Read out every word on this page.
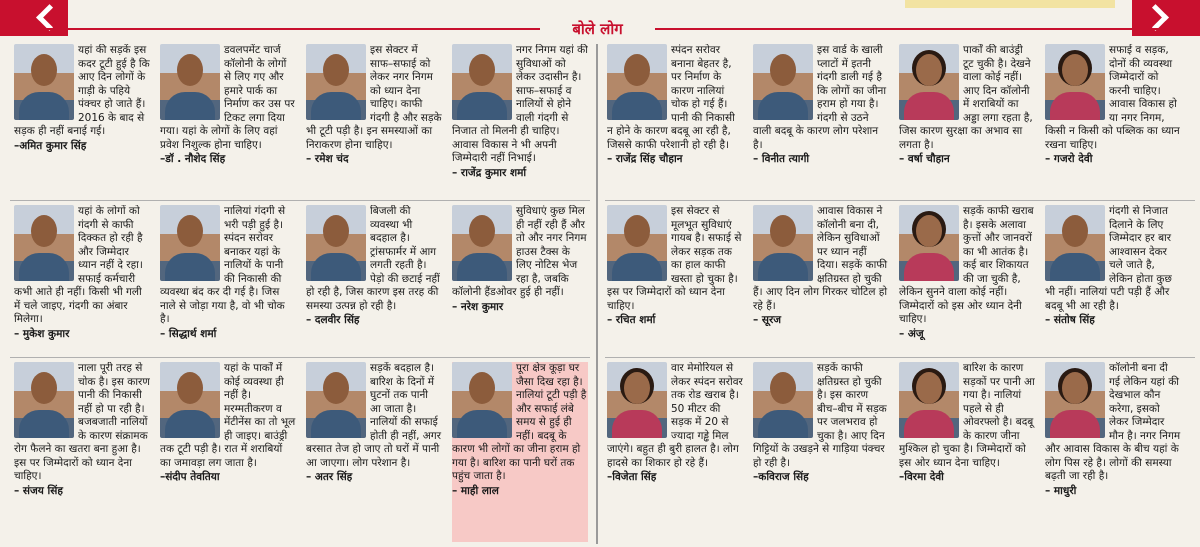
बोले लोग
यहां की सड़कें इस कदर टूटी हुई है कि आए दिन लोगों के गाड़ी के पहिये पंक्चर हो जाते हैं। 2016 के बाद से सड़क ही नहीं बनाई गई।
–अमित कुमार सिंह
डवलपमेंट चार्ज कॉलोनी के लोगों से लिए गए और हमारे पार्क का निर्माण कर उस पर टिकट लगा दिया गया। यहां के लोगों के लिए वहां प्रवेश निशुल्क होना चाहिए।
–डॉ . नौशेद सिंह
इस सेक्टर में साफ–सफाई को लेकर नगर निगम को ध्यान देना चाहिए। काफी गंदगी है और सड़के भी टूटी पड़ी है। इन समस्याओं का निराकरण होना चाहिए।
– रमेश चंद
नगर निगम यहां की सुविधाओं को लेकर उदासीन है। साफ–सफाई व नालियों से होने वाली गंदगी से निजात तो मिलनी ही चाहिए। आवास विकास ने भी अपनी जिम्मेदारी नहीं निभाई।
– राजेंद्र कुमार शर्मा
स्पंदन सरोवर बनाना बेहतर है, पर निर्माण के कारण नालियां चोक हो गई हैं। पानी की निकासी न होने के कारण बदबू आ रही है, जिससे काफी परेशानी हो रही है।
– राजेंद्र सिंह चौहान
इस वार्ड के खाली प्लाटों में इतनी गंदगी डाली गई है कि लोगों का जीना हराम हो गया है। गंदगी से उठने वाली बदबू के कारण लोग परेशान है।
– विनीत त्यागी
पार्कों की बाउंड्री टूट चुकी है। देखने वाला कोई नहीं। आए दिन कॉलोनी में शराबियों का अड्डा लगा रहता है, जिस कारण सुरक्षा का अभाव सा लगता है।
– वर्षा चौहान
सफाई व सड़क, दोनों की व्यवस्था जिम्मेदारों को करनी चाहिए। आवास विकास हो या नगर निगम, किसी न किसी को पब्लिक का ध्यान रखना चाहिए।
– गजरो देवी
यहां के लोगों को गंदगी से काफी दिक्कत हो रही है और जिम्मेदार ध्यान नहीं दे रहा। सफाई कर्मचारी कभी आते ही नहीं। किसी भी गली में चले जाइए, गंदगी का अंबार मिलेगा।
– मुकेश कुमार
नालियां गंदगी से भरी पड़ी हुई है। स्पंदन सरोवर बनाकर यहां के नालियों के पानी की निकासी की व्यवस्था बंद कर दी गई है। जिस नाले से जोड़ा गया है, वो भी चोक है।
– सिद्धार्थ शर्मा
बिजली की व्यवस्था भी बदहाल है। ट्रांसफार्मर में आग लगती रहती है। पेड़ो की छटाई नहीं हो रही है, जिस कारण इस तरह की समस्या उत्पन्न हो रही है।
– दलवीर सिंह
सुविधाएं कुछ मिल ही नहीं रही हैं और तो और नगर निगम हाउस टैक्स के लिए नोटिस भेज रहा है, जबकि कॉलोनी हैंडओवर हुई ही नहीं।
– नरेश कुमार
इस सेक्टर से मूलभूत सुविधाएं गायब है। सफाई से लेकर सड़क तक का हाल काफी खस्ता हो चुका है। इस पर जिम्मेदारों को ध्यान देना चाहिए।
– रचित शर्मा
आवास विकास ने कॉलोनी बना दी, लेकिन सुविधाओं पर ध्यान नहीं दिया। सड़कें काफी क्षतिग्रस्त हो चुकी हैं। आए दिन लोग गिरकर चोटिल हो रहे हैं।
– सूरज
सड़कें काफी खराब है। इसके अलावा कुत्तों और जानवरों का भी आतंक है। कई बार शिकायत की जा चुकी है, लेकिन सुनने वाला कोई नहीं। जिम्मेदारों को इस ओर ध्यान देनी चाहिए।
– अंजू
गंदगी से निजात दिलाने के लिए जिम्मेदार हर बार आश्वासन देकर चले जाते है, लेकिन होता कुछ भी नहीं। नालियां पटी पड़ी हैं और बदबू भी आ रही है।
– संतोष सिंह
नाला पूरी तरह से चोक है। इस कारण पानी की निकासी नहीं हो पा रही है। बजबजाती नालियों के कारण संक्रामक रोग फैलने का खतरा बना हुआ है। इस पर जिम्मेदारों को ध्यान देना चाहिए।
– संजय सिंह
यहां के पार्कों में कोई व्यवस्था ही नहीं है। मरम्मतीकरण व मेंटीनेंस का तो भूल ही जाइए। बाउंड्री तक टूटी पड़ी है। रात में शराबियों का जमावड़ा लग जाता है।
–संदीप तेवतिया
सड़कें बदहाल है। बारिश के दिनों में घुटनों तक पानी आ जाता है। नालियों की सफाई होती ही नहीं, अगर बरसात तेज हो जाए तो घरों में पानी आ जाएगा। लोग परेशान है।
– अतर सिंह
पूरा क्षेत्र कूड़ा घर जैसा दिख रहा है। नालियां टूटी पड़ी है और सफाई लंबे समय से हुई ही नहीं। बदबू के कारण भी लोगों का जीना हराम हो गया है। बारिश का पानी घरों तक पहुंच जाता है।
– माही लाल
वार मेमोरियल से लेकर स्पंदन सरोवर तक रोड खराब है। 50 मीटर की सड़क में 20 से ज्यादा गड्ढे मिल जाएंगे। बहुत ही बुरी हालत है। लोग हादसे का शिकार हो रहे हैं।
–विजेता सिंह
सड़कें काफी क्षतिग्रस्त हो चुकी है। इस कारण बीच–बीच में सड़क पर जलभराव हो चुका है। आए दिन गिट्टियों के उखड़ने से गाड़िया पंक्चर हो रही है।
–कविराज सिंह
बारिश के कारण सड़कों पर पानी आ गया है। नालियां पहले से ही ओवरफ्लो है। बदबू के कारण जीना मुश्किल हो चुका है। जिम्मेदारों को इस ओर ध्यान देना चाहिए।
–विरमा देवी
कॉलोनी बना दी गई लेकिन यहां की देखभाल कौन करेगा, इसको लेकर जिम्मेदार मौन है। नगर निगम और आवास विकास के बीच यहां के लोग पिस रहे है। लोगों की समस्या बढ़ती जा रही है।
– माधुरी
